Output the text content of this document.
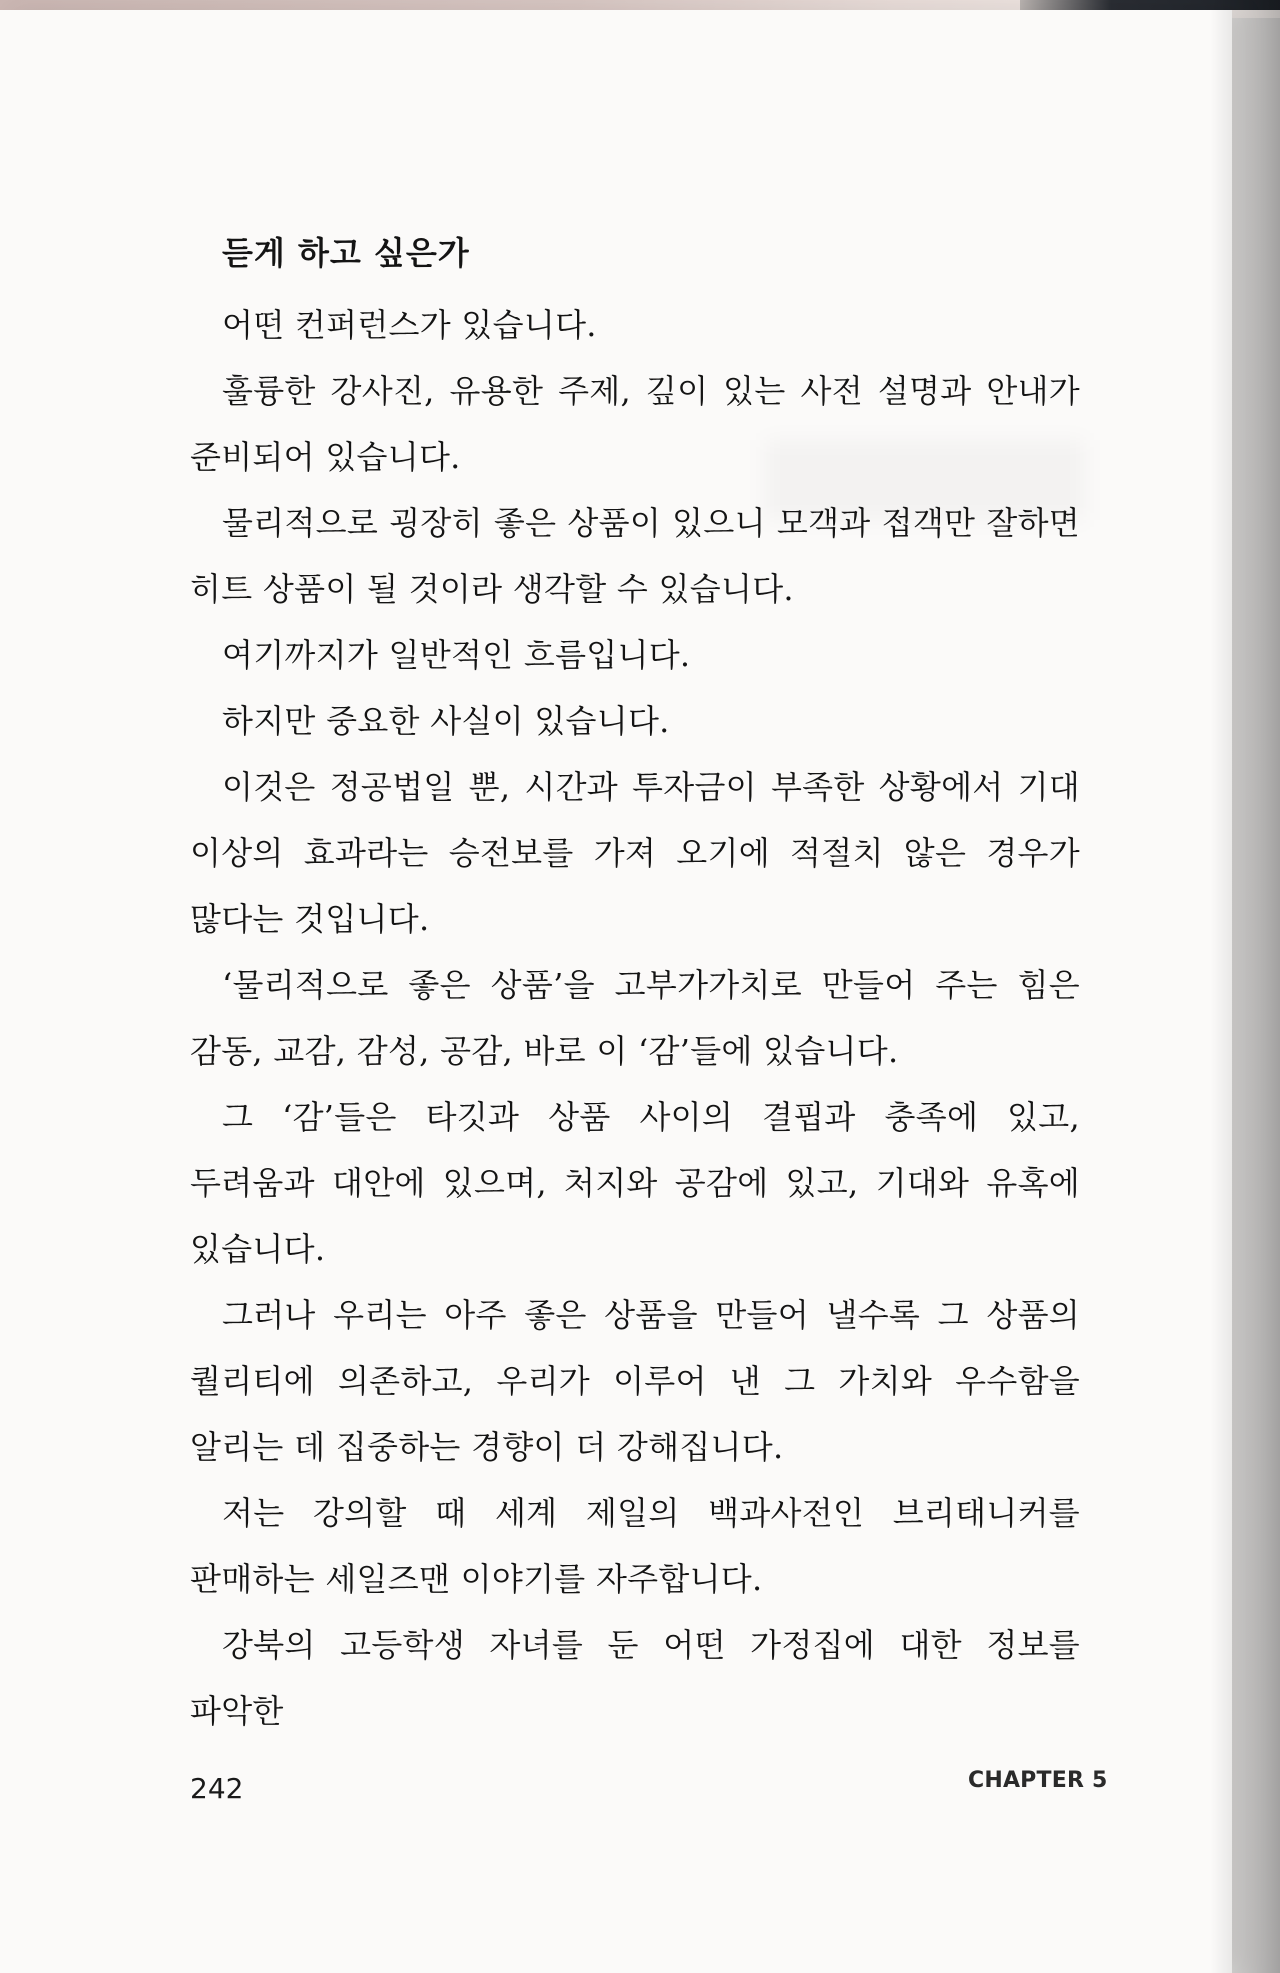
듣게 하고 싶은가

어떤 컨퍼런스가 있습니다.

훌륭한 강사진, 유용한 주제, 깊이 있는 사전 설명과 안내가 준비되어 있습니다.

물리적으로 굉장히 좋은 상품이 있으니 모객과 접객만 잘하면 히트 상품이 될 것이라 생각할 수 있습니다.

여기까지가 일반적인 흐름입니다.

하지만 중요한 사실이 있습니다.

이것은 정공법일 뿐, 시간과 투자금이 부족한 상황에서 기대 이상의 효과라는 승전보를 가져 오기에 적절치 않은 경우가 많다는 것입니다.

‘물리적으로 좋은 상품’을 고부가가치로 만들어 주는 힘은 감동, 교감, 감성, 공감, 바로 이 ‘감’들에 있습니다.

그 ‘감’들은 타깃과 상품 사이의 결핍과 충족에 있고, 두려움과 대안에 있으며, 처지와 공감에 있고, 기대와 유혹에 있습니다.

그러나 우리는 아주 좋은 상품을 만들어 낼수록 그 상품의 퀄리티에 의존하고, 우리가 이루어 낸 그 가치와 우수함을 알리는 데 집중하는 경향이 더 강해집니다.

저는 강의할 때 세계 제일의 백과사전인 브리태니커를 판매하는 세일즈맨 이야기를 자주합니다.

강북의 고등학생 자녀를 둔 어떤 가정집에 대한 정보를 파악한

242	CHAPTER 5
